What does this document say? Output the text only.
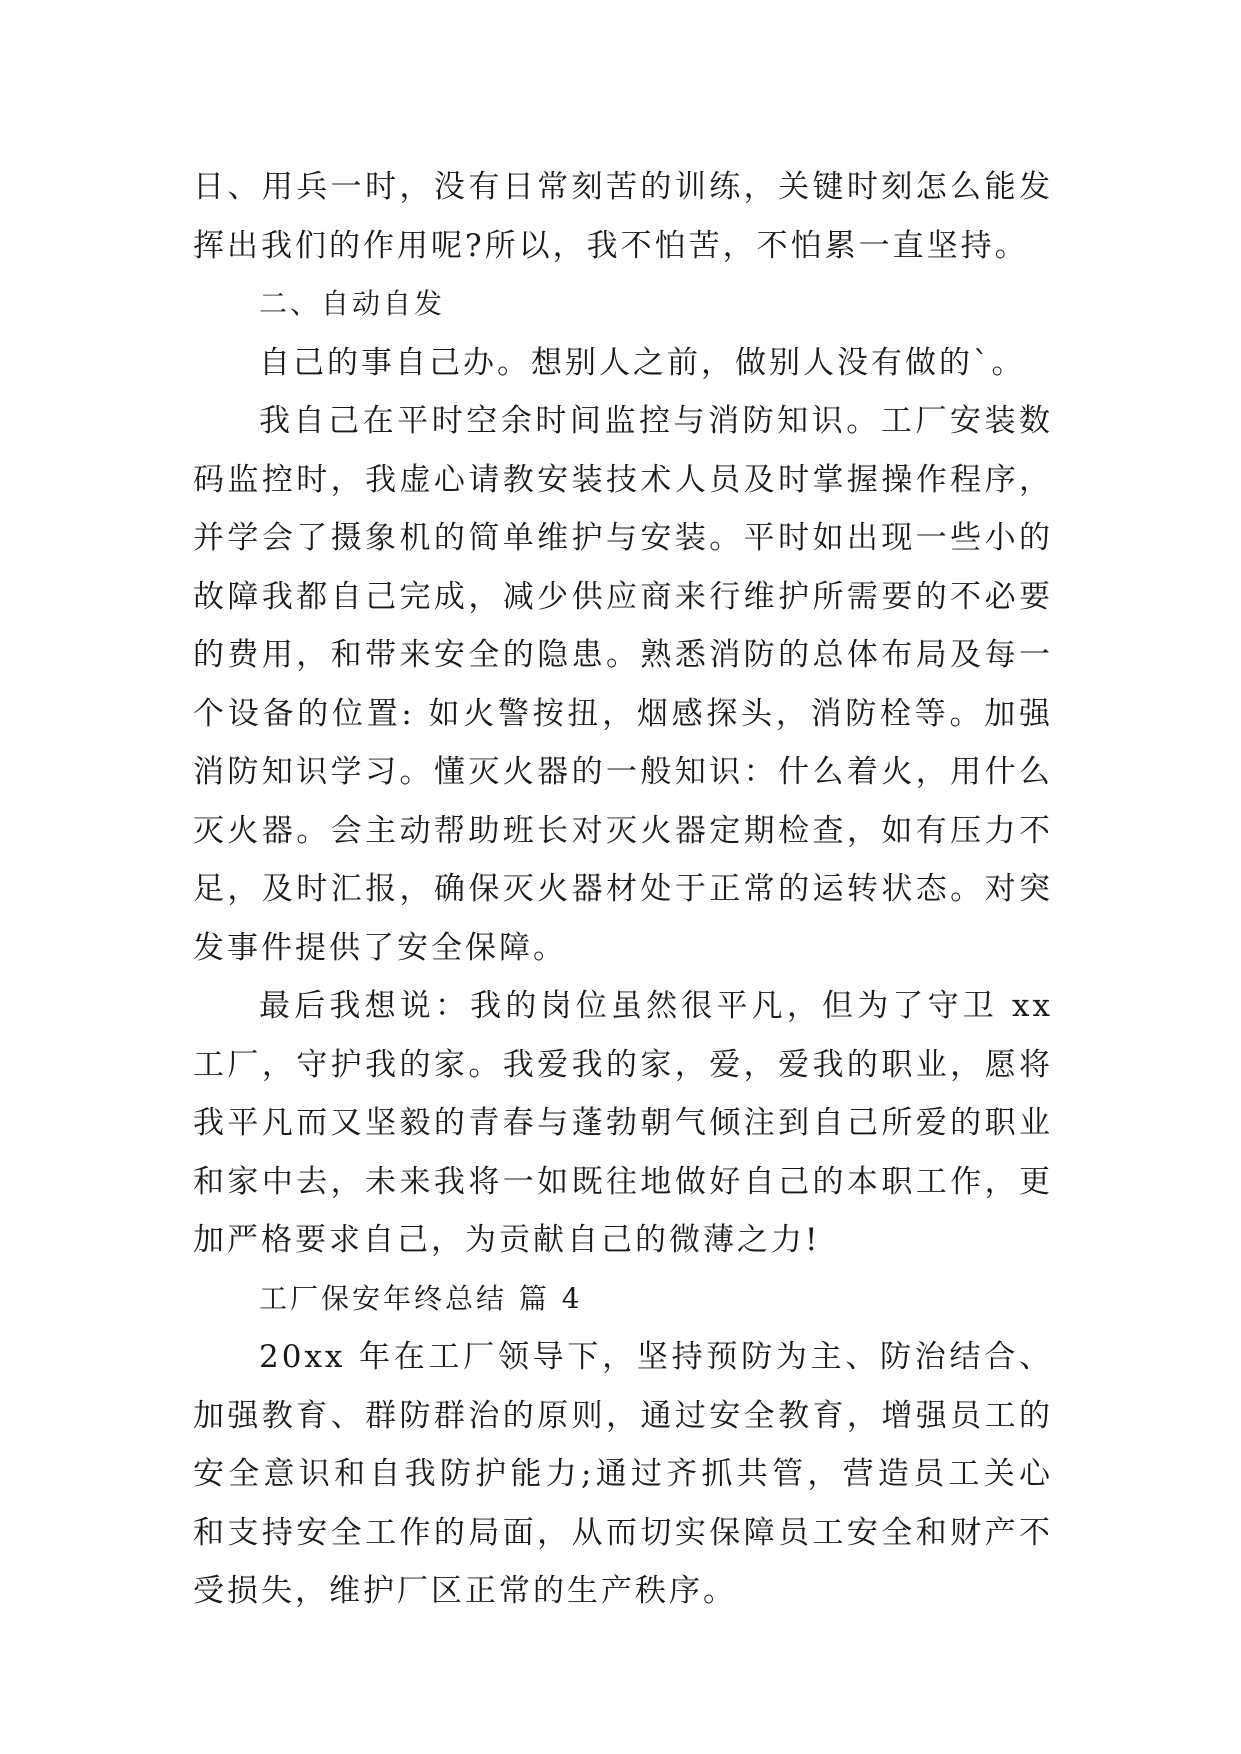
日、用兵一时，没有日常刻苦的训练，关键时刻怎么能发挥出我们的作用呢?所以，我不怕苦，不怕累一直坚持。

二、自动自发

自己的事自己办。想别人之前，做别人没有做的`。

我自己在平时空余时间监控与消防知识。工厂安装数码监控时，我虚心请教安装技术人员及时掌握操作程序，并学会了摄象机的简单维护与安装。平时如出现一些小的故障我都自己完成，减少供应商来行维护所需要的不必要的费用，和带来安全的隐患。熟悉消防的总体布局及每一个设备的位置: 如火警按扭，烟感探头，消防栓等。加强消防知识学习。懂灭火器的一般知识：什么着火，用什么灭火器。会主动帮助班长对灭火器定期检查，如有压力不足，及时汇报，确保灭火器材处于正常的运转状态。对突发事件提供了安全保障。

最后我想说：我的岗位虽然很平凡，但为了守卫 xx 工厂，守护我的家。我爱我的家，爱，爱我的职业，愿将我平凡而又坚毅的青春与蓬勃朝气倾注到自己所爱的职业和家中去，未来我将一如既往地做好自己的本职工作，更加严格要求自己，为贡献自己的微薄之力!

工厂保安年终总结 篇 4

20xx 年在工厂领导下，坚持预防为主、防治结合、加强教育、群防群治的原则，通过安全教育，增强员工的安全意识和自我防护能力;通过齐抓共管，营造员工关心和支持安全工作的局面，从而切实保障员工安全和财产不受损失，维护厂区正常的生产秩序。
